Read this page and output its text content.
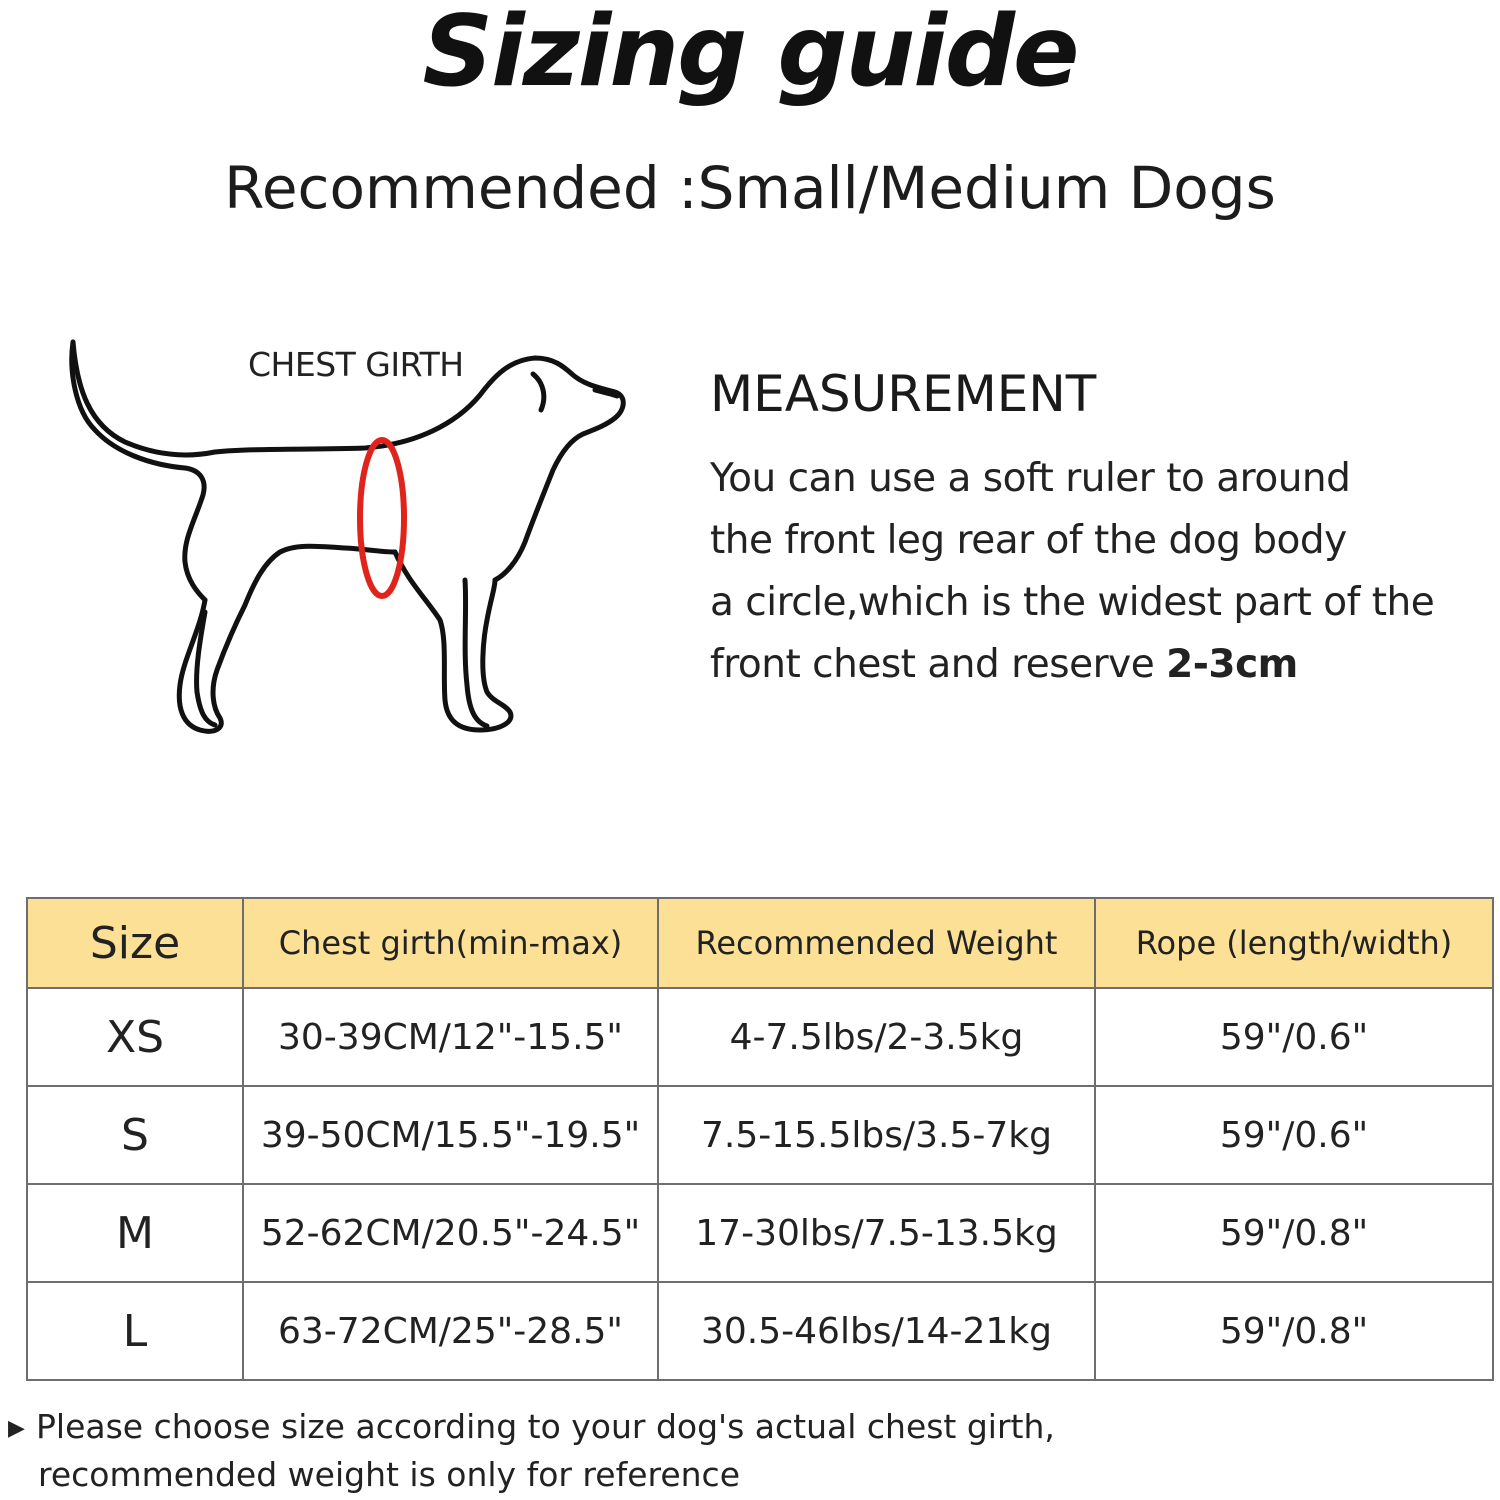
Sizing guide
Recommended :Small/Medium Dogs
CHEST GIRTH
MEASUREMENT
You can use a soft ruler to around
the front leg rear of the dog body
a circle,which is the widest part of the
front chest and reserve 2-3cm
Size	Chest girth(min-max)	Recommended Weight	Rope (length/width)
XS	30-39CM/12"-15.5"	4-7.5lbs/2-3.5kg	59"/0.6"
S	39-50CM/15.5"-19.5"	7.5-15.5lbs/3.5-7kg	59"/0.6"
M	52-62CM/20.5"-24.5"	17-30lbs/7.5-13.5kg	59"/0.8"
L	63-72CM/25"-28.5"	30.5-46lbs/14-21kg	59"/0.8"
▶ Please choose size according to your dog's actual chest girth,
recommended weight is only for reference
